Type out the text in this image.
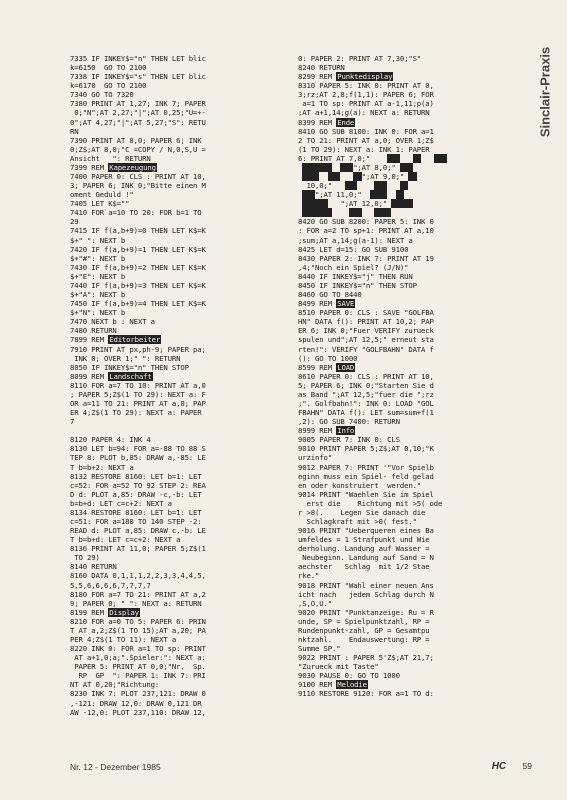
Sinclair-Praxis
7335 IF INKEY$="n" THEN LET blic
k=6150  GO TO 2100
7338 IF INKEY$="s" THEN LET blic
k=6170  GO TO 2100
7340 GO TO 7320
7380 PRINT AT 1,27; INK 7; PAPER
0;"N";AT 2,27;"|";AT 0,25;"U=+-
0";AT 4,27;"|";AT 5,27;"S": RETU
RN
7390 PRINT AT 8,0; PAPER 6; INK
0;Z$;AT 8,0;"C =COPY / N,0,S,U =
Ansicht   ": RETURN
7399 REM Kapezeugung
7400 PAPER 0: CLS : PRINT AT 10,
3; PAPER 6; INK 0;"Bitte einen M
oment Geduld !"
7405 LET K$=""
7410 FOR a=10 TO 20: FOR b=1 TO
29
7415 IF f(a,b+9)=0 THEN LET K$=K
$+" ": NEXT b
7420 IF f(a,b+9)=1 THEN LET K$=K
$+"#": NEXT b
7430 IF f(a,b+9)=2 THEN LET K$=K
$+"E": NEXT b
7440 IF f(a,b+9)=3 THEN LET K$=K
$+"A": NEXT b
7450 IF f(a,b+9)=4 THEN LET K$=K
$+"N": NEXT b
7470 NEXT b : NEXT a
7480 RETURN
7899 REM Editorbeiter
7910 PRINT AT px,ph-9; PAPER pa;
INK 0; OVER 1;" ": RETURN
8050 IF INKEY$="n" THEN STOP
8099 REM Landschaft
8110 FOR a=7 TO 10: PRINT AT a,0
; PAPER 5;Z$(1 TO 29): NEXT a: F
OR a=11 TO 21: PRINT AT a,0; PAP
ER 4;Z$(1 TO 29): NEXT a: PAPER
7
8120 PAPER 4: INK 4
8130 LET b=94: FOR a=-88 TO 88 S
TEP 8: PLOT b,85: DRAW a,-85: LE
T b=b+2: NEXT a
8132 RESTORE 8160: LET b=1: LET
c=52: FOR a=52 TO 92 STEP 2: REA
D d: PLOT a,85: DRAW -c,-b: LET
b=b+d: LET c=c+2: NEXT a
8134 RESTORE 8160: LET b=1: LET
c=51: FOR a=180 TO 140 STEP -2:
READ d: PLOT a,85: DRAW c,-b: LE
T b=b+d: LET c=c+2: NEXT a
8136 PRINT AT 11,0; PAPER 5;Z$(1
TO 29)
8140 RETURN
8160 DATA 0,1,1,1,2,2,3,3,4,4,5,
5,5,6,6,6,6,7,7,7,7
8180 FOR a=7 TO 21: PRINT AT a,2
9; PAPER 0; " ": NEXT a: RETURN
8199 REM Display
8210 FOR a=0 TO 5: PAPER 6: PRIN
T AT a,2;Z$(1 TO 15);AT a,20; PA
PER 4;Z$(1 TO 11): NEXT a
8220 INK 0: FOR a=1 TO sp: PRINT
AT a+1,0;a;".Spieler:": NEXT a:
PAPER 5: PRINT AT 0,0;"Nr.  Sp.
RP  GP  ": PAPER 1: INK 7: PRI
NT AT 0,20;"Richtung:
8230 INK 7: PLOT 237,121: DRAW 0
,-121: DRAW 12,0: DRAW 0,121 DR
AW -12,0: PLOT 237,110: DRAW 12,
0: PAPER 2: PRINT AT 7,30;"S"
8240 RETURN
8299 REM Punktedisplay
8310 PAPER 5: INK 0: PRINT AT 0,
3;rz;AT 2,8;f(1,1): PAPER 6; FOR
a=1 TO sp: PRINT AT a-1,11;p(a)
;AT a+1,14;g(a): NEXT a: RETURN
8399 REM Ende
8410 GO SUB 8100: INK 0: FOR a=1
2 TO 21: PRINT AT a,0; OVER 1;Z$
(1 TO 29): NEXT a: INK 1: PAPER
6: PRINT AT 7,0;"
";AT 8,0;"
";AT 9,0;"
10,0;"
";AT 11,0;"
";AT 12,0;"

8420 GO SUB 8200: PAPER 5: INK 0
: FOR a=2 TO sp+1: PRINT AT a,10
;sum;AT a,14;g(a-1): NEXT a
8425 LET d=15: GO SUB 9100
8430 PAPER 2: INK 7: PRINT AT 19
,4;"Noch ein Spiel? (J/N)"
8440 IF INKEY$="j" THEN RUN
8450 IF INKEY$="n" THEN STOP
8460 GO TO 8440
8499 REM SAVE
8510 PAPER 0: CLS : SAVE "GOLFBA
HN" DATA f(): PRINT AT 10,2; PAP
ER 6; INK 0;"Fuer VERIFY zurueck
spulen und";AT 12,5;" erneut sta
rten!": VERIFY "GOLFBAHN" DATA f
(): GO TO 1000
8599 REM LOAD
8610 PAPER 0: CLS : PRINT AT 10,
5; PAPER 6; INK 0;"Starten Sie d
as Band ";AT 12,5;"fuer die ";rz
;". Golfbahn!": INK 0: LOAD "GOL
FBAHN" DATA f(): LET sum=sum+f(1
,2): GO SUB 7400: RETURN
8999 REM Info
9005 PAPER 7: INK 0: CLS
9010 PRINT PAPER 5;Z$;AT 0,10;"K
urzinfo"
9012 PAPER 7: PRINT '"Vor Spielb
eginn muss ein Spiel- feld gelad
en oder konstruiert  werden."
9014 PRINT "Waehlen Sie im Spiel
erst die    Richtung mit >5( ode
r >8(.    Legen Sie danach die
Schlagkraft mit >0( fest."
9016 PRINT "Ueberqueren eines Ba
umfeldes = 1 Strafpunkt und Wie
derholung. Landung auf Wasser =
Neubeginn. Landung auf Sand = N
aechster   Schlag  mit 1/2 Stae
rke."
9018 PRINT "Wahl einer neuen Ans
icht nach   jedem Schlag durch N
,S,O,U."
9020 PRINT "Punktanzeige: Ru = R
unde, SP = Spielpunktzahl, RP =
Rundenpunkt-zahl, GP = Gesamtpu
nktzahl.    Endauswertung: RP =
Summe SP."
9022 PRINT : PAPER 5'Z$;AT 21,7;
"Zurueck mit Taste"
9030 PAUSE 0: GO TO 1000
9100 REM Melodie
9110 RESTORE 9120: FOR a=1 TO d:
Nr. 12 - Dezember 1985	HC 59
